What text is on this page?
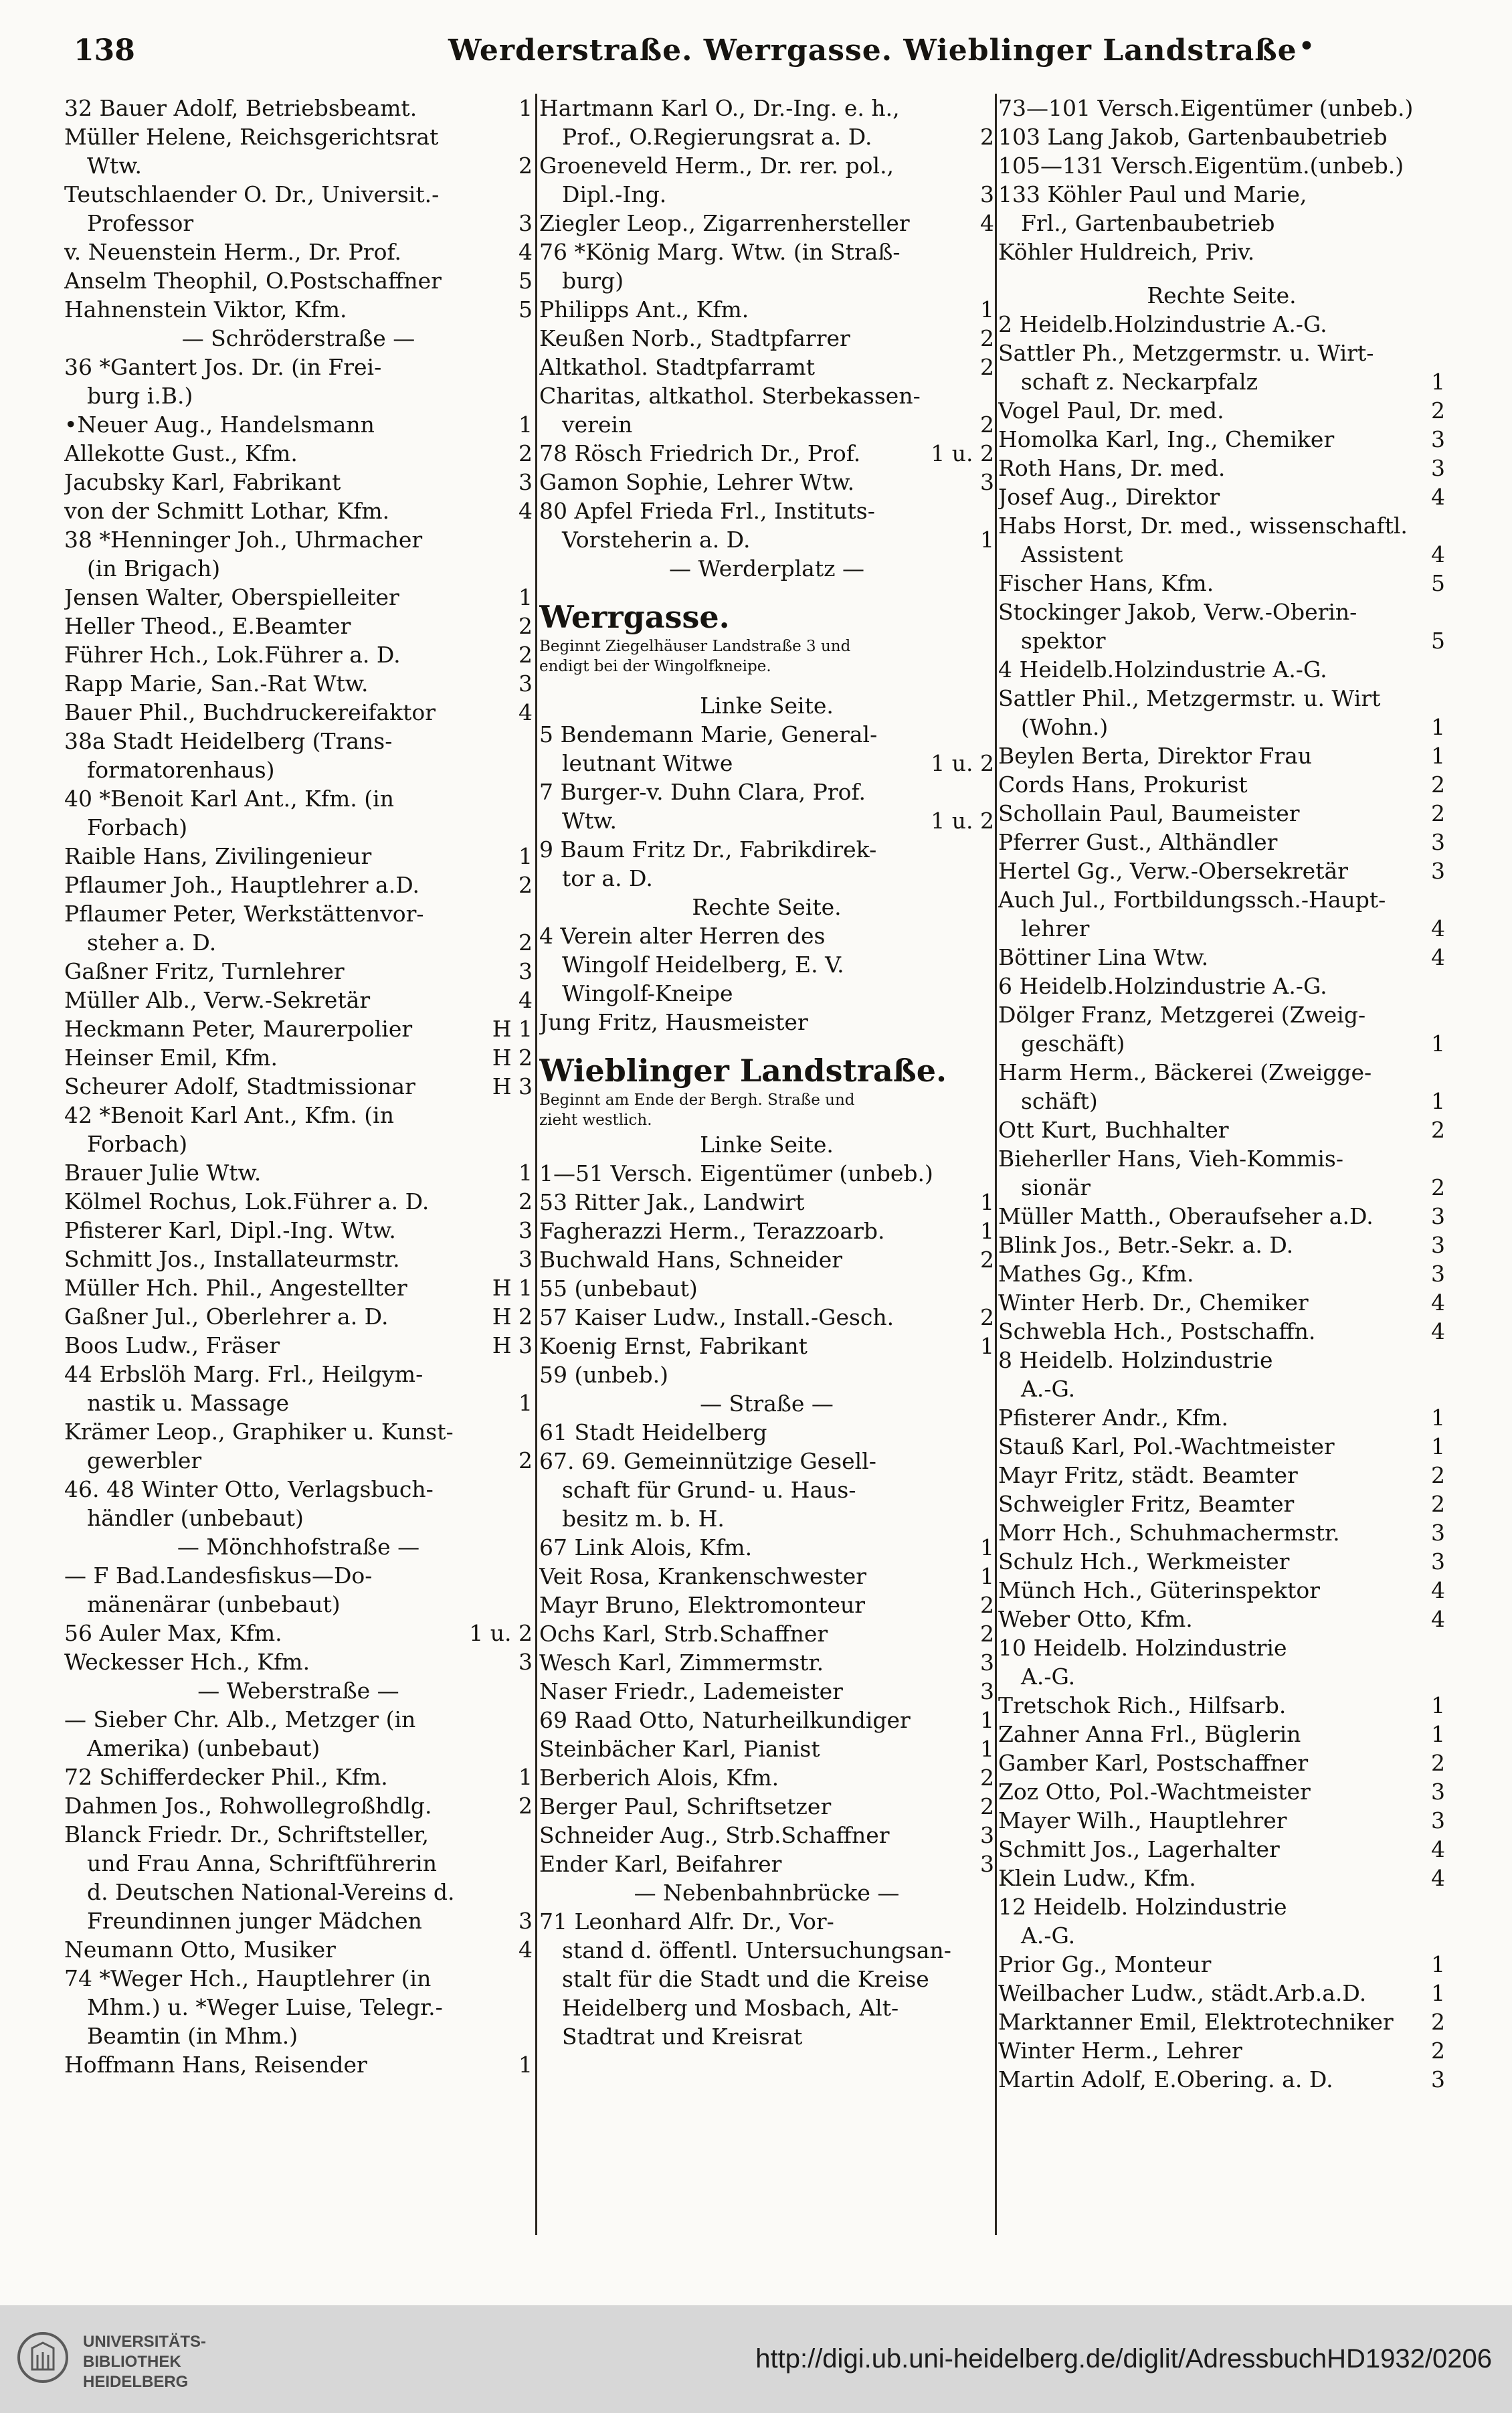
138	Werderstraße. Werrgasse. Wieblinger Landstraße •
32 Bauer Adolf, Betriebsbeamt.	1
Müller Helene, Reichsgerichtsrat
Wtw.	2
Teutschlaender O. Dr., Universit.-
Professor	3
v. Neuenstein Herm., Dr. Prof.	4
Anselm Theophil, O.Postschaffner	5
Hahnenstein Viktor, Kfm.	5
— Schröderstraße —
36 *Gantert Jos. Dr. (in Frei-
burg i.B.)
•Neuer Aug., Handelsmann	1
Allekotte Gust., Kfm.	2
Jacubsky Karl, Fabrikant	3
von der Schmitt Lothar, Kfm.	4
38 *Henninger Joh., Uhrmacher
(in Brigach)
Jensen Walter, Oberspielleiter	1
Heller Theod., E.Beamter	2
Führer Hch., Lok.Führer a. D.	2
Rapp Marie, San.-Rat Wtw.	3
Bauer Phil., Buchdruckereifaktor	4
38a Stadt Heidelberg (Trans-
formatorenhaus)
40 *Benoit Karl Ant., Kfm. (in
Forbach)
Raible Hans, Zivilingenieur	1
Pflaumer Joh., Hauptlehrer a.D.	2
Pflaumer Peter, Werkstättenvor-
steher a. D.	2
Gaßner Fritz, Turnlehrer	3
Müller Alb., Verw.-Sekretär	4
Heckmann Peter, Maurerpolier	H 1
Heinser Emil, Kfm.	H 2
Scheurer Adolf, Stadtmissionar	H 3
42 *Benoit Karl Ant., Kfm. (in
Forbach)
Brauer Julie Wtw.	1
Kölmel Rochus, Lok.Führer a. D.	2
Pfisterer Karl, Dipl.-Ing. Wtw.	3
Schmitt Jos., Installateurmstr.	3
Müller Hch. Phil., Angestellter	H 1
Gaßner Jul., Oberlehrer a. D.	H 2
Boos Ludw., Fräser	H 3
44 Erbslöh Marg. Frl., Heilgym-
nastik u. Massage	1
Krämer Leop., Graphiker u. Kunst-
gewerbler	2
46. 48 Winter Otto, Verlagsbuch-
händler (unbebaut)
— Mönchhofstraße —
— F Bad.Landesfiskus—Do-
mänenärar (unbebaut)
56 Auler Max, Kfm.	1 u. 2
Weckesser Hch., Kfm.	3
— Weberstraße —
— Sieber Chr. Alb., Metzger (in
Amerika) (unbebaut)
72 Schifferdecker Phil., Kfm.	1
Dahmen Jos., Rohwollegroßhdlg.	2
Blanck Friedr. Dr., Schriftsteller,
und Frau Anna, Schriftführerin
d. Deutschen National-Vereins d.
Freundinnen junger Mädchen	3
Neumann Otto, Musiker	4
74 *Weger Hch., Hauptlehrer (in
Mhm.) u. *Weger Luise, Telegr.-
Beamtin (in Mhm.)
Hoffmann Hans, Reisender	1
Hartmann Karl O., Dr.-Ing. e. h.,
Prof., O.Regierungsrat a. D.	2
Groeneveld Herm., Dr. rer. pol.,
Dipl.-Ing.	3
Ziegler Leop., Zigarrenhersteller	4
76 *König Marg. Wtw. (in Straß-
burg)
Philipps Ant., Kfm.	1
Keußen Norb., Stadtpfarrer	2
Altkathol. Stadtpfarramt	2
Charitas, altkathol. Sterbekassen-
verein	2
78 Rösch Friedrich Dr., Prof.	1 u. 2
Gamon Sophie, Lehrer Wtw.	3
80 Apfel Frieda Frl., Instituts-
Vorsteherin a. D.	1
— Werderplatz —
Werrgasse.
Beginnt Ziegelhäuser Landstraße 3 und
endigt bei der Wingolfkneipe.
Linke Seite.
5 Bendemann Marie, General-
leutnant Witwe	1 u. 2
7 Burger-v. Duhn Clara, Prof.
Wtw.	1 u. 2
9 Baum Fritz Dr., Fabrikdirek-
tor a. D.
Rechte Seite.
4 Verein alter Herren des
Wingolf Heidelberg, E. V.
Wingolf-Kneipe
Jung Fritz, Hausmeister
Wieblinger Landstraße.
Beginnt am Ende der Bergh. Straße und
zieht westlich.
Linke Seite.
1—51 Versch. Eigentümer (unbeb.)
53 Ritter Jak., Landwirt	1
Fagherazzi Herm., Terazzoarb.	1
Buchwald Hans, Schneider	2
55 (unbebaut)
57 Kaiser Ludw., Install.-Gesch.	2
Koenig Ernst, Fabrikant	1
59 (unbeb.)
— Straße —
61 Stadt Heidelberg
67. 69. Gemeinnützige Gesell-
schaft für Grund- u. Haus-
besitz m. b. H.
67 Link Alois, Kfm.	1
Veit Rosa, Krankenschwester	1
Mayr Bruno, Elektromonteur	2
Ochs Karl, Strb.Schaffner	2
Wesch Karl, Zimmermstr.	3
Naser Friedr., Lademeister	3
69 Raad Otto, Naturheilkundiger	1
Steinbächer Karl, Pianist	1
Berberich Alois, Kfm.	2
Berger Paul, Schriftsetzer	2
Schneider Aug., Strb.Schaffner	3
Ender Karl, Beifahrer	3
— Nebenbahnbrücke —
71 Leonhard Alfr. Dr., Vor-
stand d. öffentl. Untersuchungsan-
stalt für die Stadt und die Kreise
Heidelberg und Mosbach, Alt-
Stadtrat und Kreisrat
73—101 Versch.Eigentümer (unbeb.)
103 Lang Jakob, Gartenbaubetrieb
105—131 Versch.Eigentüm.(unbeb.)
133 Köhler Paul und Marie,
Frl., Gartenbaubetrieb
Köhler Huldreich, Priv.
Rechte Seite.
2 Heidelb.Holzindustrie A.-G.
Sattler Ph., Metzgermstr. u. Wirt-
schaft z. Neckarpfalz	1
Vogel Paul, Dr. med.	2
Homolka Karl, Ing., Chemiker	3
Roth Hans, Dr. med.	3
Josef Aug., Direktor	4
Habs Horst, Dr. med., wissenschaftl.
Assistent	4
Fischer Hans, Kfm.	5
Stockinger Jakob, Verw.-Oberin-
spektor	5
4 Heidelb.Holzindustrie A.-G.
Sattler Phil., Metzgermstr. u. Wirt
(Wohn.)	1
Beylen Berta, Direktor Frau	1
Cords Hans, Prokurist	2
Schollain Paul, Baumeister	2
Pferrer Gust., Althändler	3
Hertel Gg., Verw.-Obersekretär	3
Auch Jul., Fortbildungssch.-Haupt-
lehrer	4
Böttiner Lina Wtw.	4
6 Heidelb.Holzindustrie A.-G.
Dölger Franz, Metzgerei (Zweig-
geschäft)	1
Harm Herm., Bäckerei (Zweigge-
schäft)	1
Ott Kurt, Buchhalter	2
Bieherller Hans, Vieh-Kommis-
sionär	2
Müller Matth., Oberaufseher a.D.	3
Blink Jos., Betr.-Sekr. a. D.	3
Mathes Gg., Kfm.	3
Winter Herb. Dr., Chemiker	4
Schwebla Hch., Postschaffn.	4
8 Heidelb. Holzindustrie
A.-G.
Pfisterer Andr., Kfm.	1
Stauß Karl, Pol.-Wachtmeister	1
Mayr Fritz, städt. Beamter	2
Schweigler Fritz, Beamter	2
Morr Hch., Schuhmachermstr.	3
Schulz Hch., Werkmeister	3
Münch Hch., Güterinspektor	4
Weber Otto, Kfm.	4
10 Heidelb. Holzindustrie
A.-G.
Tretschok Rich., Hilfsarb.	1
Zahner Anna Frl., Büglerin	1
Gamber Karl, Postschaffner	2
Zoz Otto, Pol.-Wachtmeister	3
Mayer Wilh., Hauptlehrer	3
Schmitt Jos., Lagerhalter	4
Klein Ludw., Kfm.	4
12 Heidelb. Holzindustrie
A.-G.
Prior Gg., Monteur	1
Weilbacher Ludw., städt.Arb.a.D.	1
Marktanner Emil, Elektrotechniker	2
Winter Herm., Lehrer	2
Martin Adolf, E.Obering. a. D.	3
UNIVERSITÄTS-
BIBLIOTHEK
HEIDELBERG
http://digi.ub.uni-heidelberg.de/diglit/AdressbuchHD1932/0206
